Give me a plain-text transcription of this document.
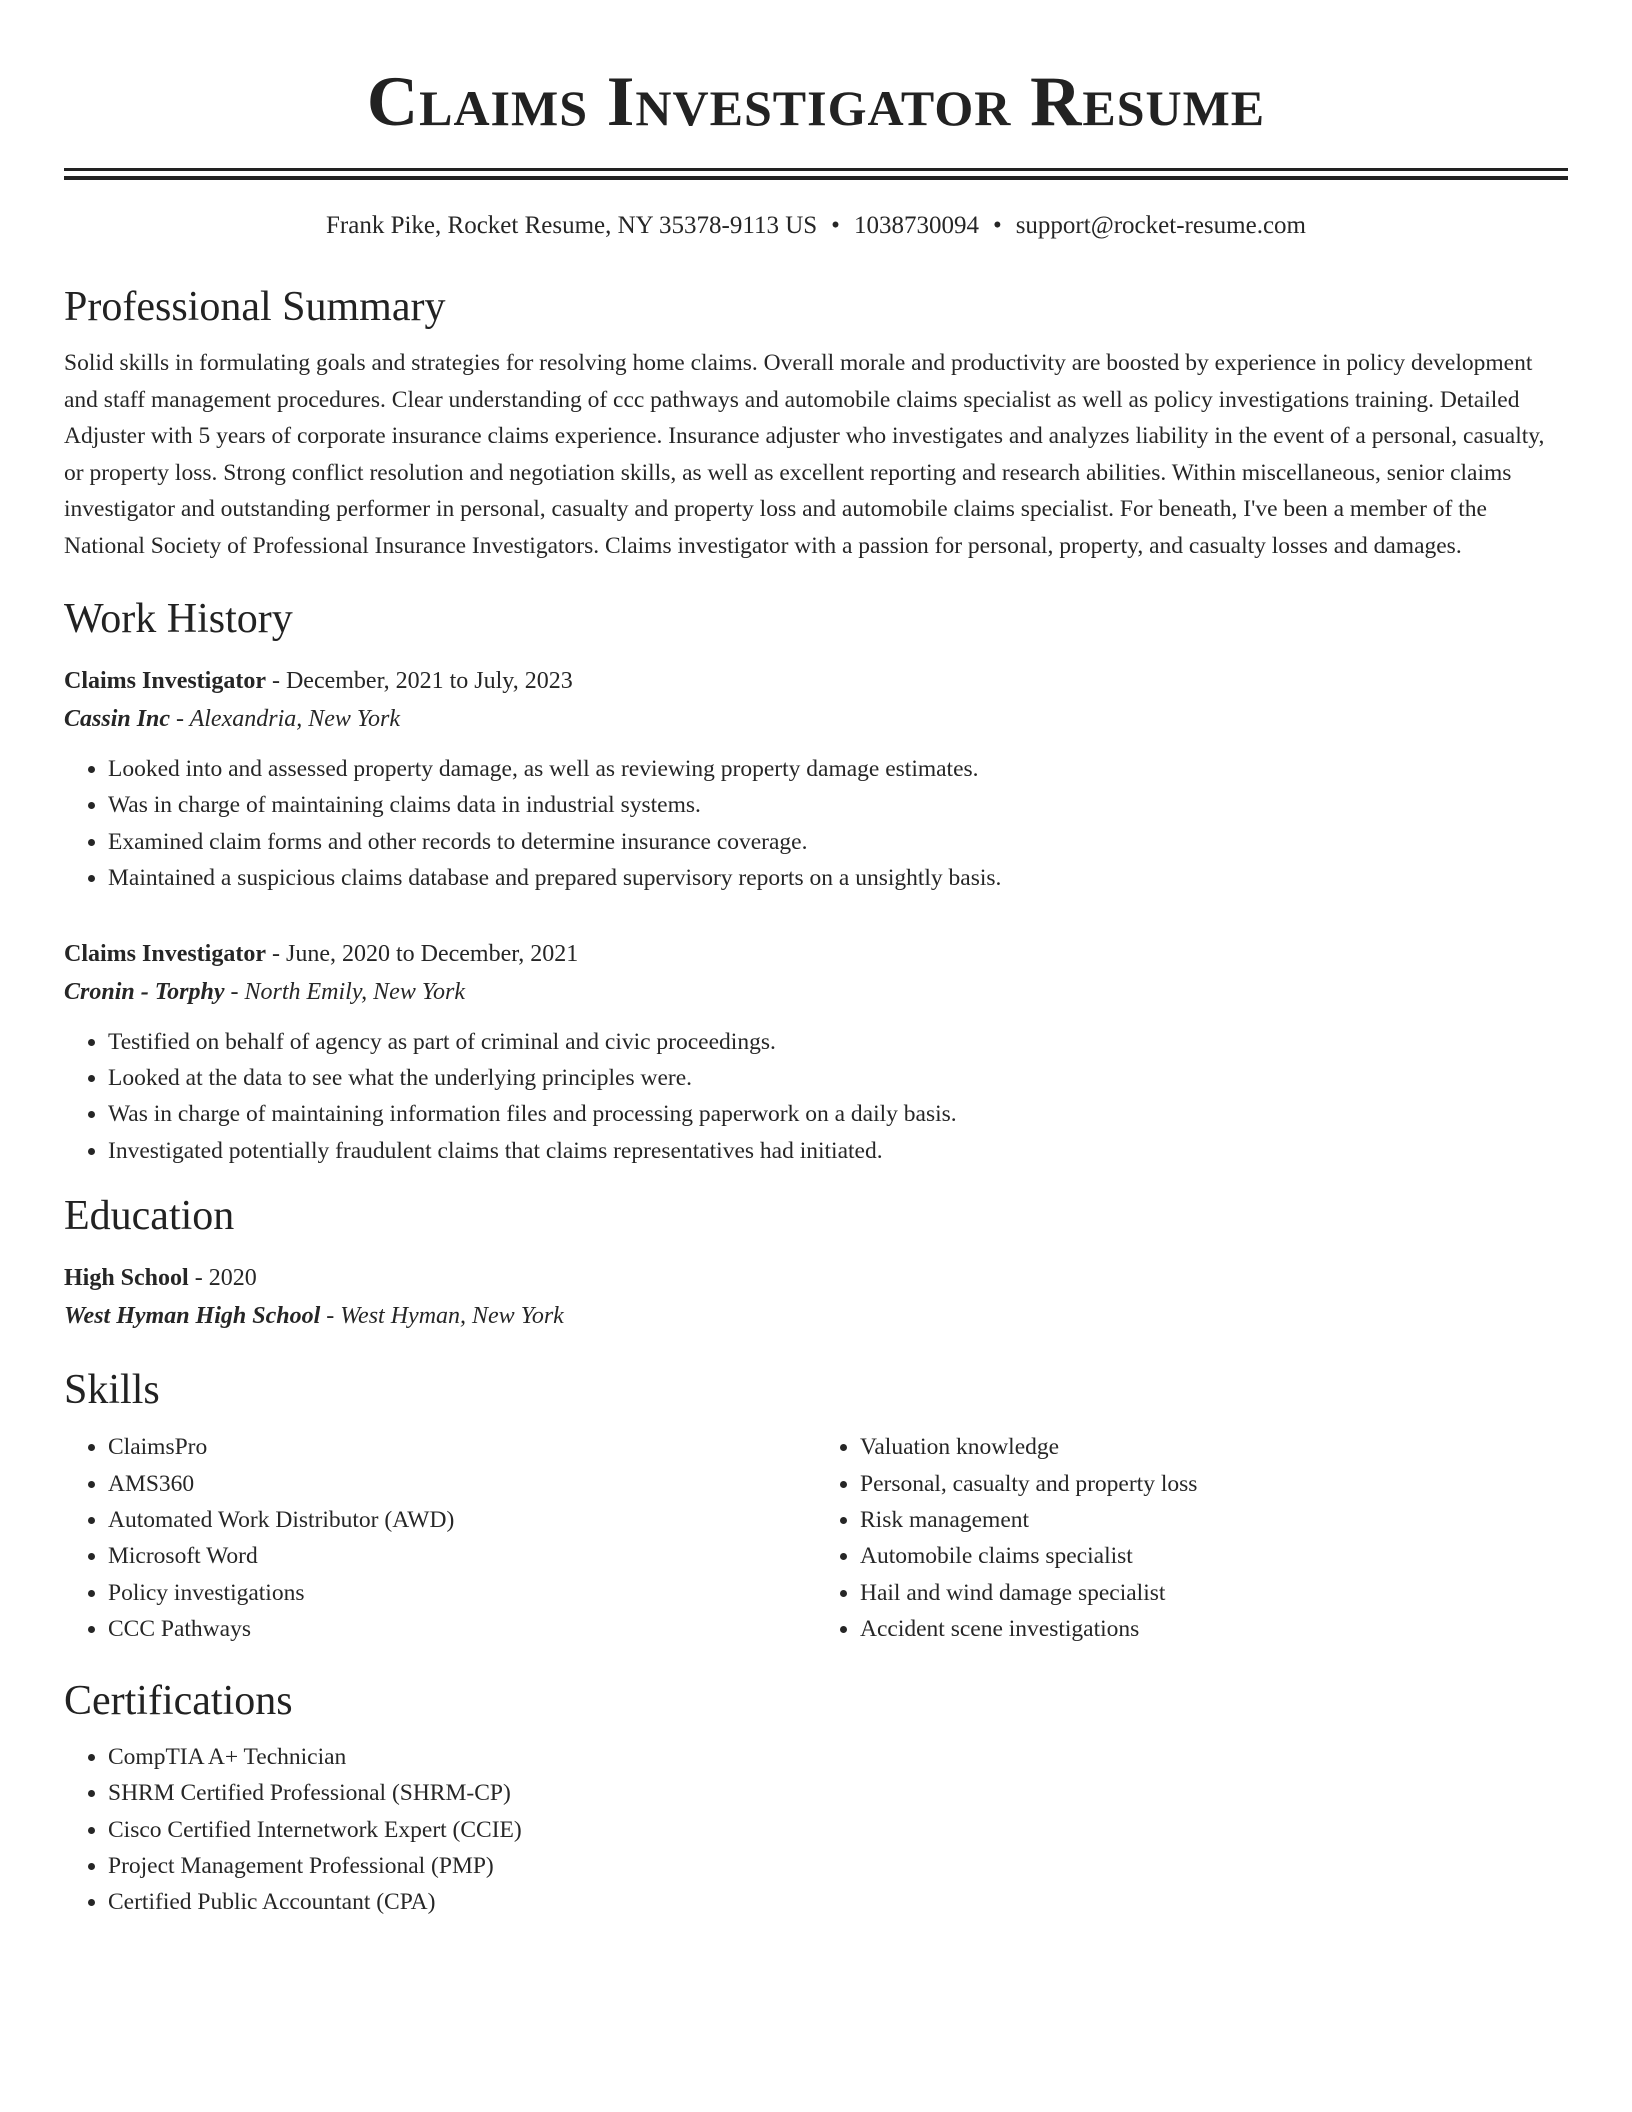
Claims Investigator Resume
Frank Pike, Rocket Resume, NY 35378-9113 US • 1038730094 • support@rocket-resume.com
Professional Summary

Solid skills in formulating goals and strategies for resolving home claims. Overall morale and productivity are boosted by experience in policy development and staff management procedures. Clear understanding of ccc pathways and automobile claims specialist as well as policy investigations training. Detailed Adjuster with 5 years of corporate insurance claims experience. Insurance adjuster who investigates and analyzes liability in the event of a personal, casualty, or property loss. Strong conflict resolution and negotiation skills, as well as excellent reporting and research abilities. Within miscellaneous, senior claims investigator and outstanding performer in personal, casualty and property loss and automobile claims specialist. For beneath, I've been a member of the National Society of Professional Insurance Investigators. Claims investigator with a passion for personal, property, and casualty losses and damages.

Work History

Claims Investigator - December, 2021 to July, 2023

Cassin Inc - Alexandria, New York

• Looked into and assessed property damage, as well as reviewing property damage estimates.
• Was in charge of maintaining claims data in industrial systems.
• Examined claim forms and other records to determine insurance coverage.
• Maintained a suspicious claims database and prepared supervisory reports on a unsightly basis.

Claims Investigator - June, 2020 to December, 2021

Cronin - Torphy - North Emily, New York

• Testified on behalf of agency as part of criminal and civic proceedings.
• Looked at the data to see what the underlying principles were.
• Was in charge of maintaining information files and processing paperwork on a daily basis.
• Investigated potentially fraudulent claims that claims representatives had initiated.
Education

High School - 2020

West Hyman High School - West Hyman, New York

Skills
• ClaimsPro
• AMS360
• Automated Work Distributor (AWD)
• Microsoft Word
• Policy investigations
• CCC Pathways
• Valuation knowledge
• Personal, casualty and property loss
• Risk management
• Automobile claims specialist
• Hail and wind damage specialist
• Accident scene investigations
Certifications
• CompTIA A+ Technician
• SHRM Certified Professional (SHRM-CP)
• Cisco Certified Internetwork Expert (CCIE)
• Project Management Professional (PMP)
• Certified Public Accountant (CPA)
